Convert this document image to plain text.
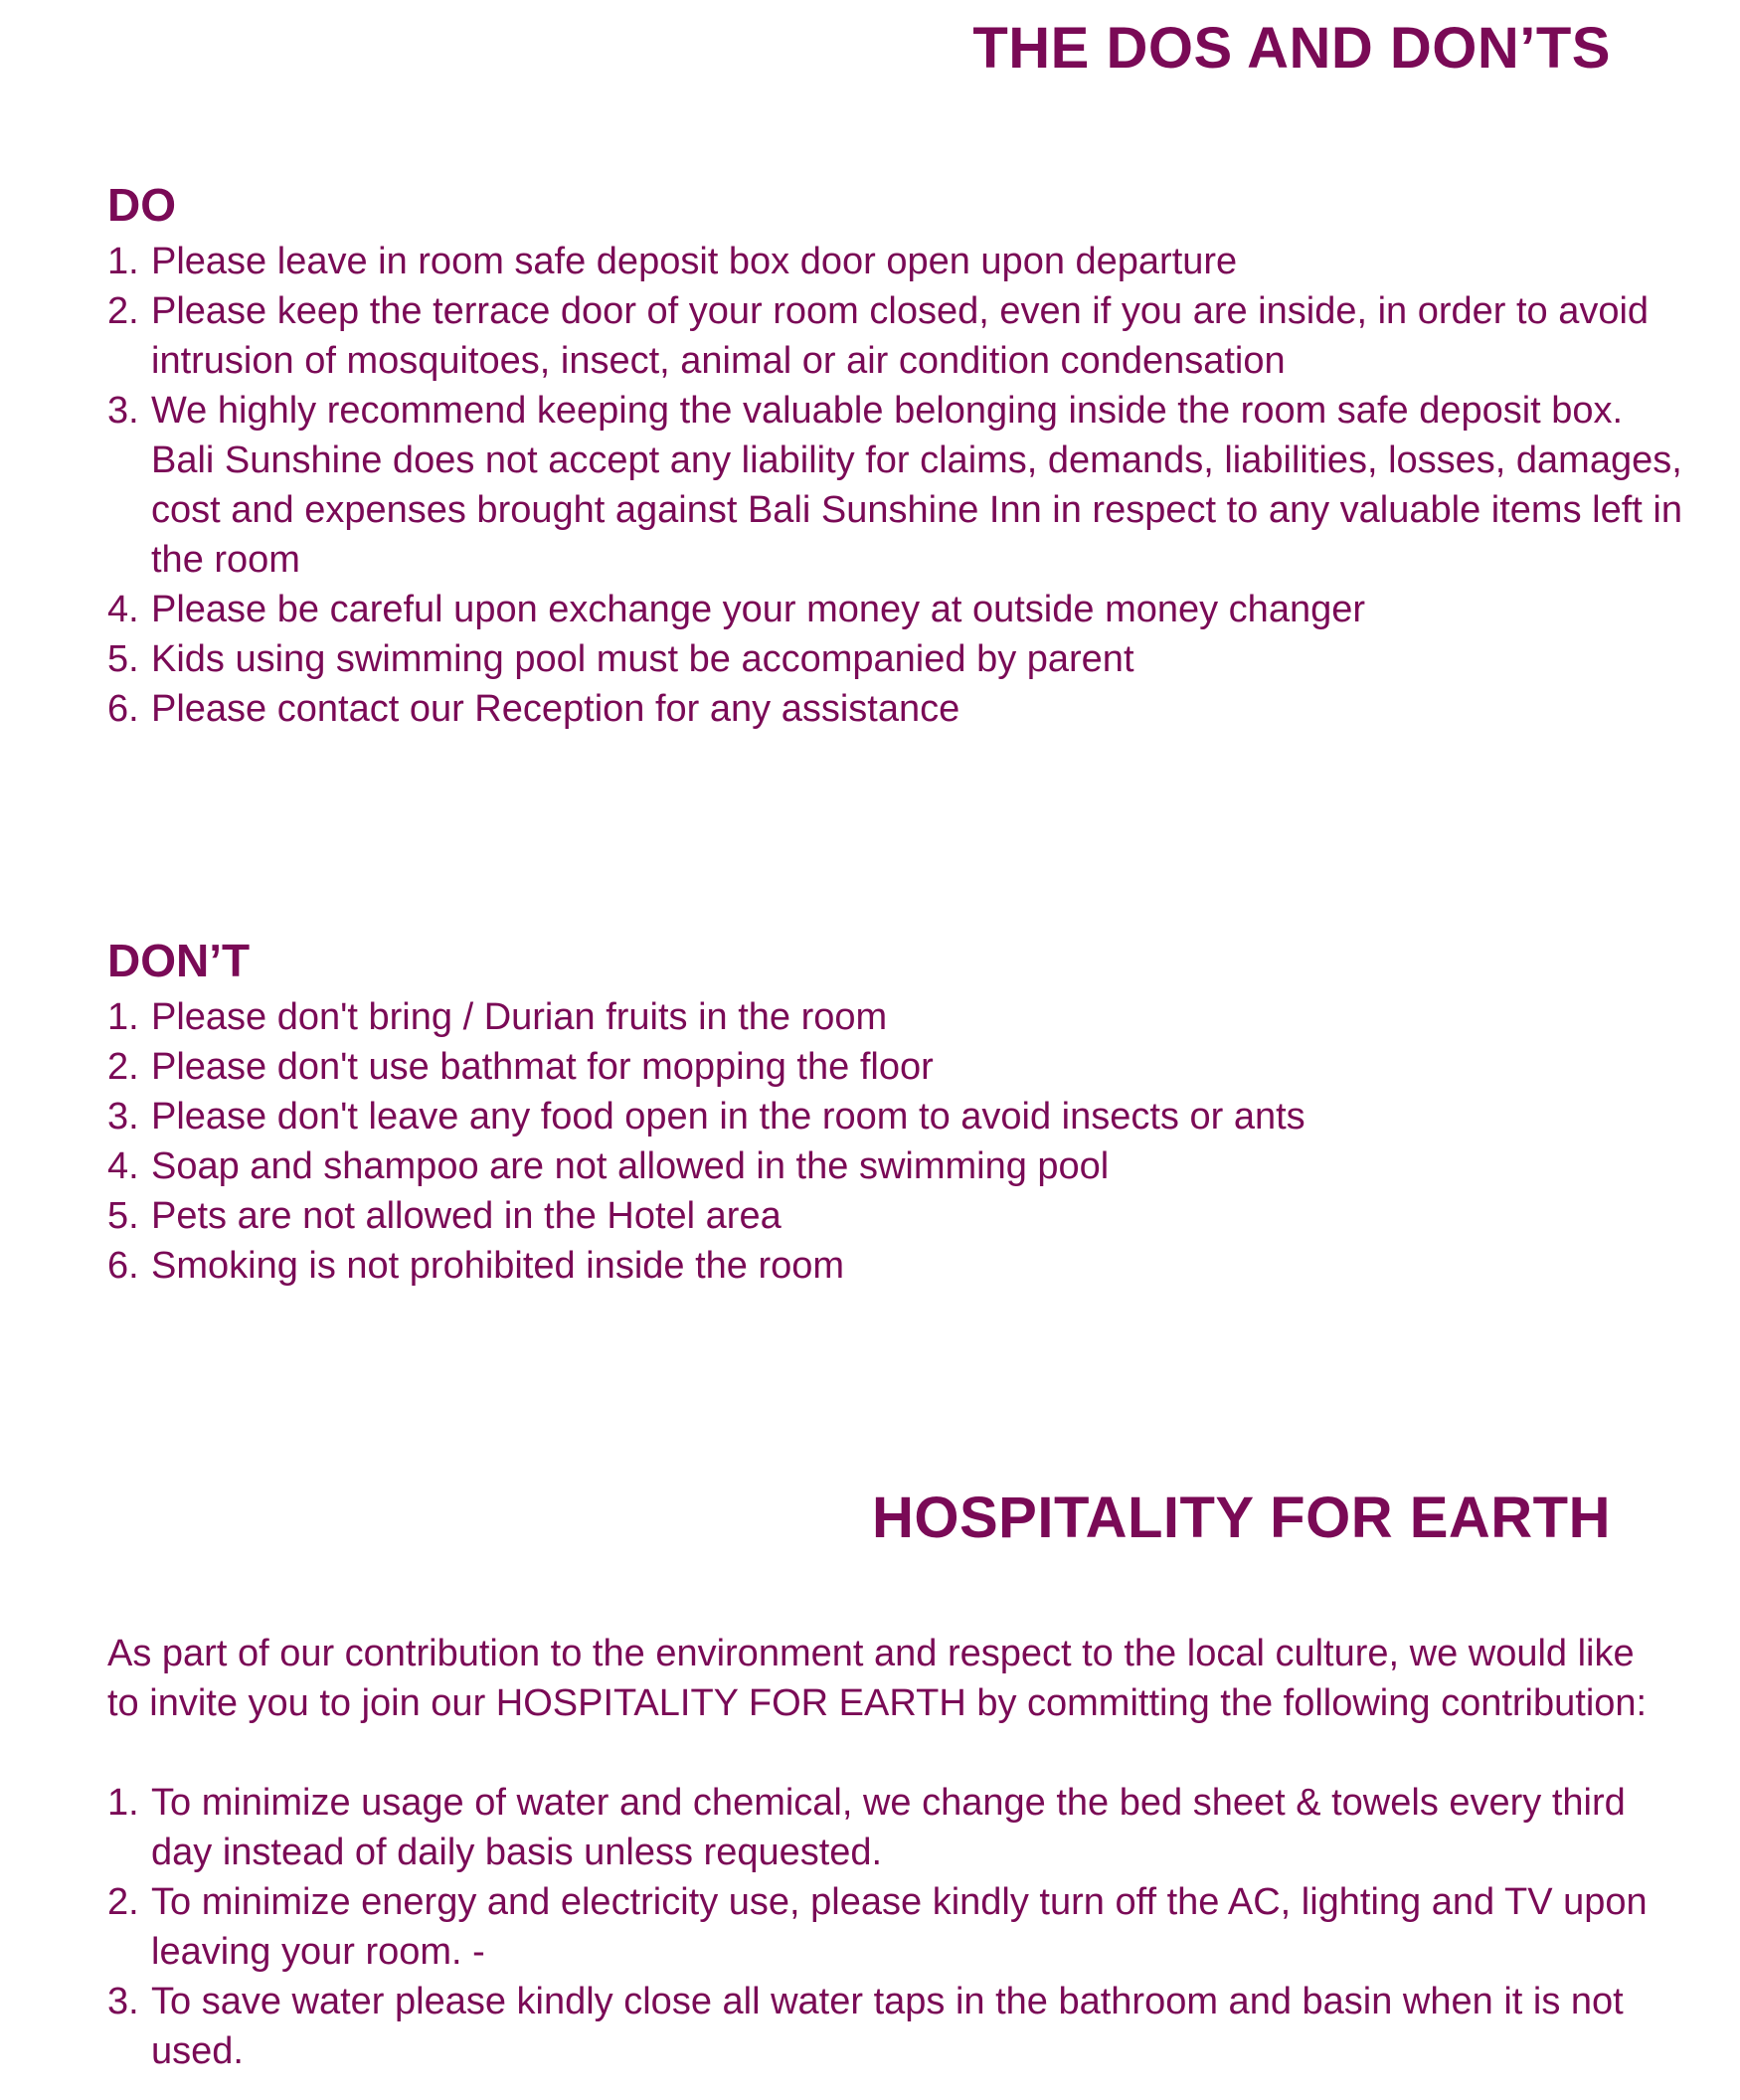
THE DOS AND DON’TS
DO
1. Please leave in room safe deposit box door open upon departure
2. Please keep the terrace door of your room closed, even if you are inside, in order to avoid intrusion of mosquitoes, insect, animal or air condition condensation
3. We highly recommend keeping the valuable belonging inside the room safe deposit box. Bali Sunshine does not accept any liability for claims, demands, liabilities, losses, damages, cost and expenses brought against Bali Sunshine Inn in respect to any valuable items left in the room
4. Please be careful upon exchange your money at outside money changer
5. Kids using swimming pool must be accompanied by parent
6. Please contact our Reception for any assistance
DON’T
1. Please don't bring / Durian fruits in the room
2. Please don't use bathmat for mopping the floor
3. Please don't leave any food open in the room to avoid insects or ants
4. Soap and shampoo are not allowed in the swimming pool
5. Pets are not allowed in the Hotel area
6. Smoking is not prohibited inside the room
HOSPITALITY FOR EARTH

As part of our contribution to the environment and respect to the local culture, we would like to invite you to join our HOSPITALITY FOR EARTH by committing the following contribution:

1. To minimize usage of water and chemical, we change the bed sheet & towels every third day instead of daily basis unless requested.
2. To minimize energy and electricity use, please kindly turn off the AC, lighting and TV upon leaving your room. -
3. To save water please kindly close all water taps in the bathroom and basin when it is not used.
